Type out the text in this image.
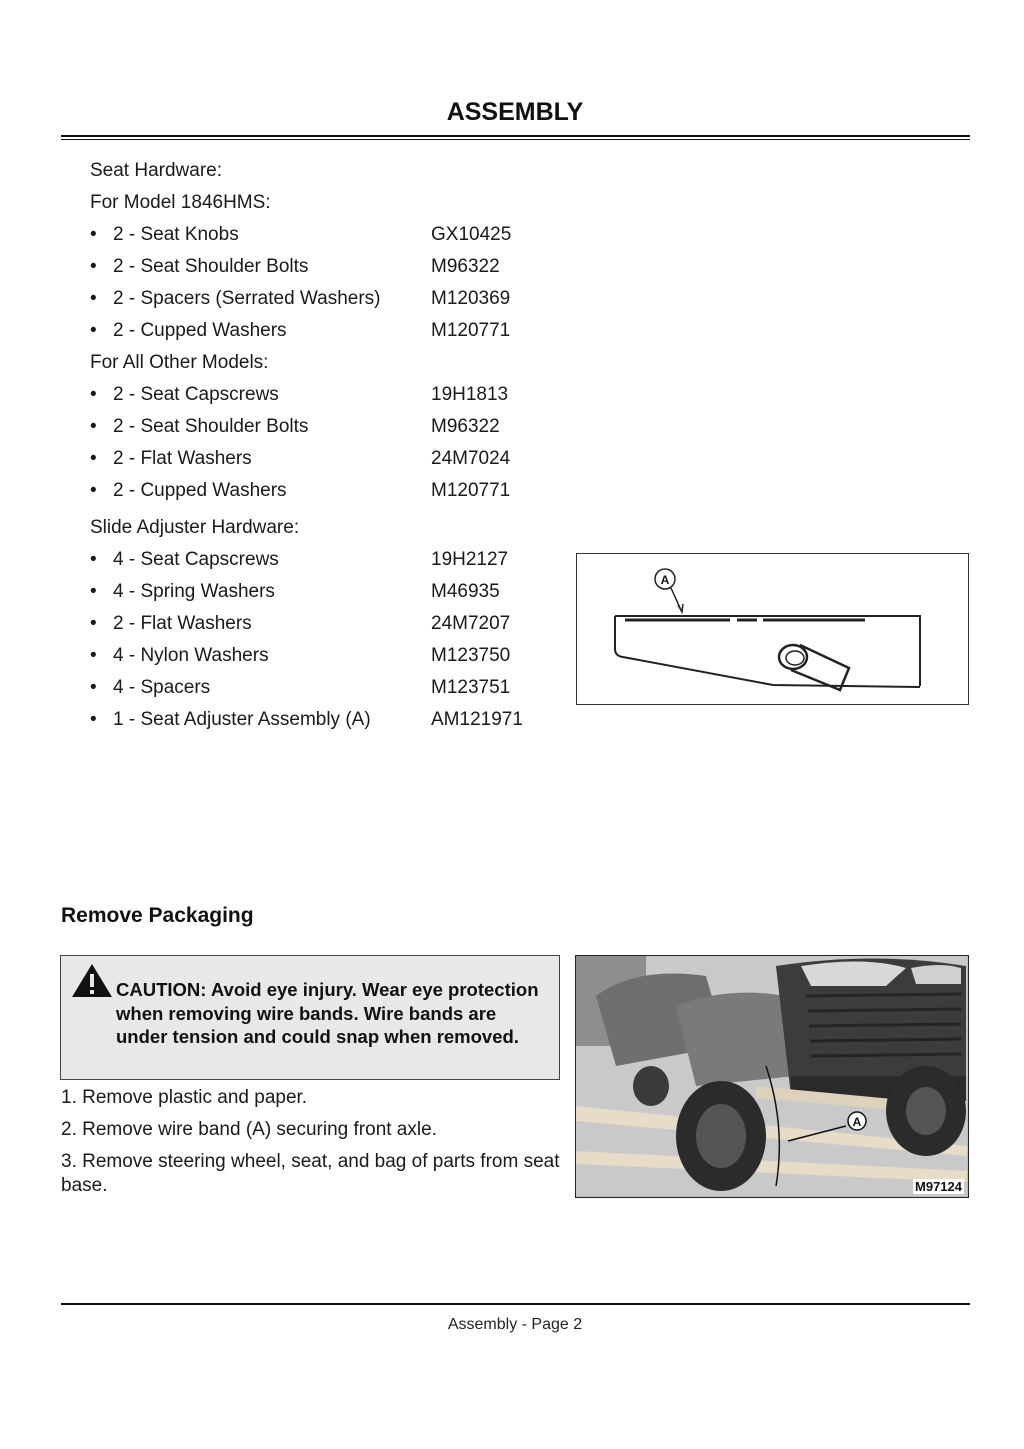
ASSEMBLY
Seat Hardware:
For Model 1846HMS:
• 2 - Seat Knobs	GX10425
• 2 - Seat Shoulder Bolts	M96322
• 2 - Spacers (Serrated Washers)	M120369
• 2 - Cupped Washers	M120771
For All Other Models:
• 2 - Seat Capscrews	19H1813
• 2 - Seat Shoulder Bolts	M96322
• 2 - Flat Washers	24M7024
• 2 - Cupped Washers	M120771
Slide Adjuster Hardware:
• 4 - Seat Capscrews	19H2127
• 4 - Spring Washers	M46935
• 2 - Flat Washers	24M7207
• 4 - Nylon Washers	M123750
• 4 - Spacers	M123751
• 1 - Seat Adjuster Assembly (A)	AM121971
A
Remove Packaging
CAUTION: Avoid eye injury. Wear eye protection when removing wire bands. Wire bands are under tension and could snap when removed.
1. Remove plastic and paper.
2. Remove wire band (A) securing front axle.
3. Remove steering wheel, seat, and bag of parts from seat base.
A
M97124
Assembly - Page 2
